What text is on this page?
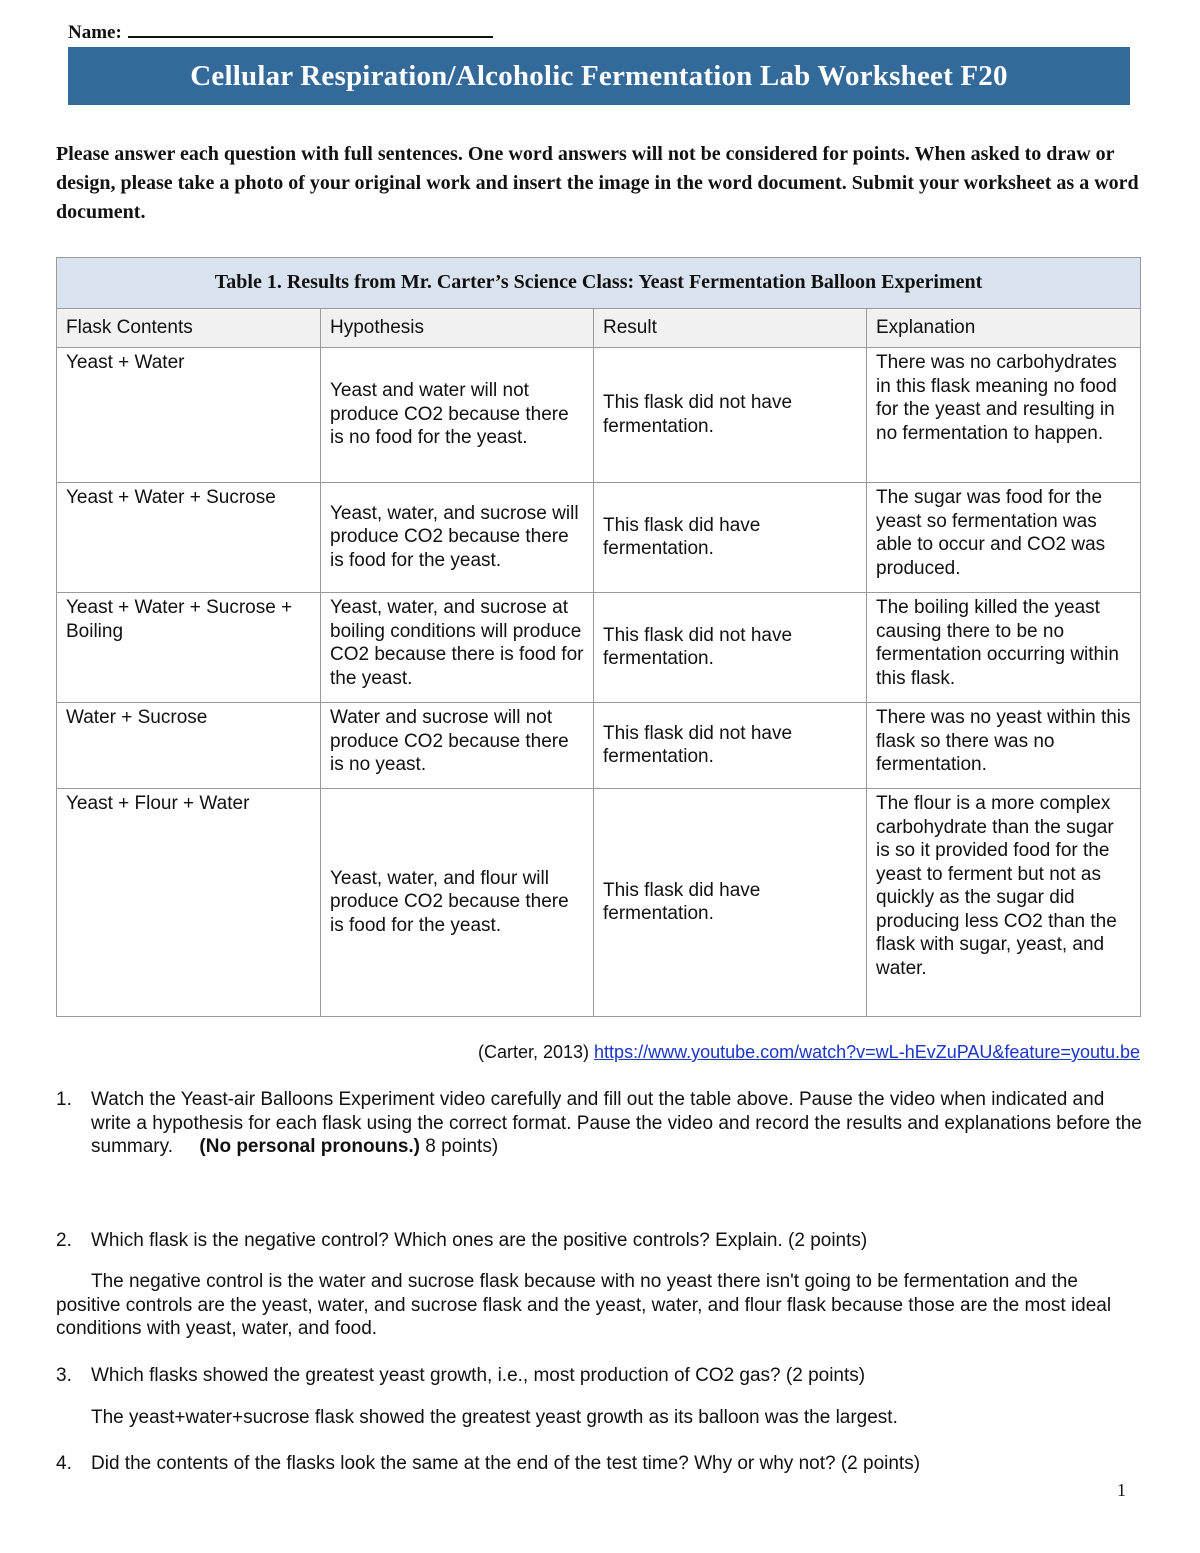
Name:
Cellular Respiration/Alcoholic Fermentation Lab Worksheet F20
Please answer each question with full sentences. One word answers will not be considered for points. When asked to draw or design, please take a photo of your original work and insert the image in the word document. Submit your worksheet as a word document.
Table 1. Results from Mr. Carter’s Science Class: Yeast Fermentation Balloon Experiment			
Flask Contents	Hypothesis	Result	Explanation
Yeast + Water	Yeast and water will not produce CO2 because there is no food for the yeast.	This flask did not have fermentation.	There was no carbohydrates in this flask meaning no food for the yeast and resulting in no fermentation to happen.
Yeast + Water + Sucrose	Yeast, water, and sucrose will produce CO2 because there is food for the yeast.	This flask did have fermentation.	The sugar was food for the yeast so fermentation was able to occur and CO2 was produced.
Yeast + Water + Sucrose + Boiling	Yeast, water, and sucrose at boiling conditions will produce CO2 because there is food for the yeast.	This flask did not have fermentation.	The boiling killed the yeast causing there to be no fermentation occurring within this flask.
Water + Sucrose	Water and sucrose will not produce CO2 because there is no yeast.	This flask did not have fermentation.	There was no yeast within this flask so there was no fermentation.
Yeast + Flour + Water	Yeast, water, and flour will produce CO2 because there is food for the yeast.	This flask did have fermentation.	The flour is a more complex carbohydrate than the sugar is so it provided food for the yeast to ferment but not as quickly as the sugar did producing less CO2 than the flask with sugar, yeast, and water.
(Carter, 2013) https://www.youtube.com/watch?v=wL-hEvZuPAU&feature=youtu.be
1.	Watch the Yeast-air Balloons Experiment video carefully and fill out the table above. Pause the video when indicated and write a hypothesis for each flask using the correct format. Pause the video and record the results and explanations before the summary. (No personal pronouns.) 8 points)
2.	Which flask is the negative control? Which ones are the positive controls? Explain. (2 points)
The negative control is the water and sucrose flask because with no yeast there isn't going to be fermentation and the positive controls are the yeast, water, and sucrose flask and the yeast, water, and flour flask because those are the most ideal conditions with yeast, water, and food.
3.	Which flasks showed the greatest yeast growth, i.e., most production of CO2 gas? (2 points)
The yeast+water+sucrose flask showed the greatest yeast growth as its balloon was the largest.
4.	Did the contents of the flasks look the same at the end of the test time? Why or why not? (2 points)
1
